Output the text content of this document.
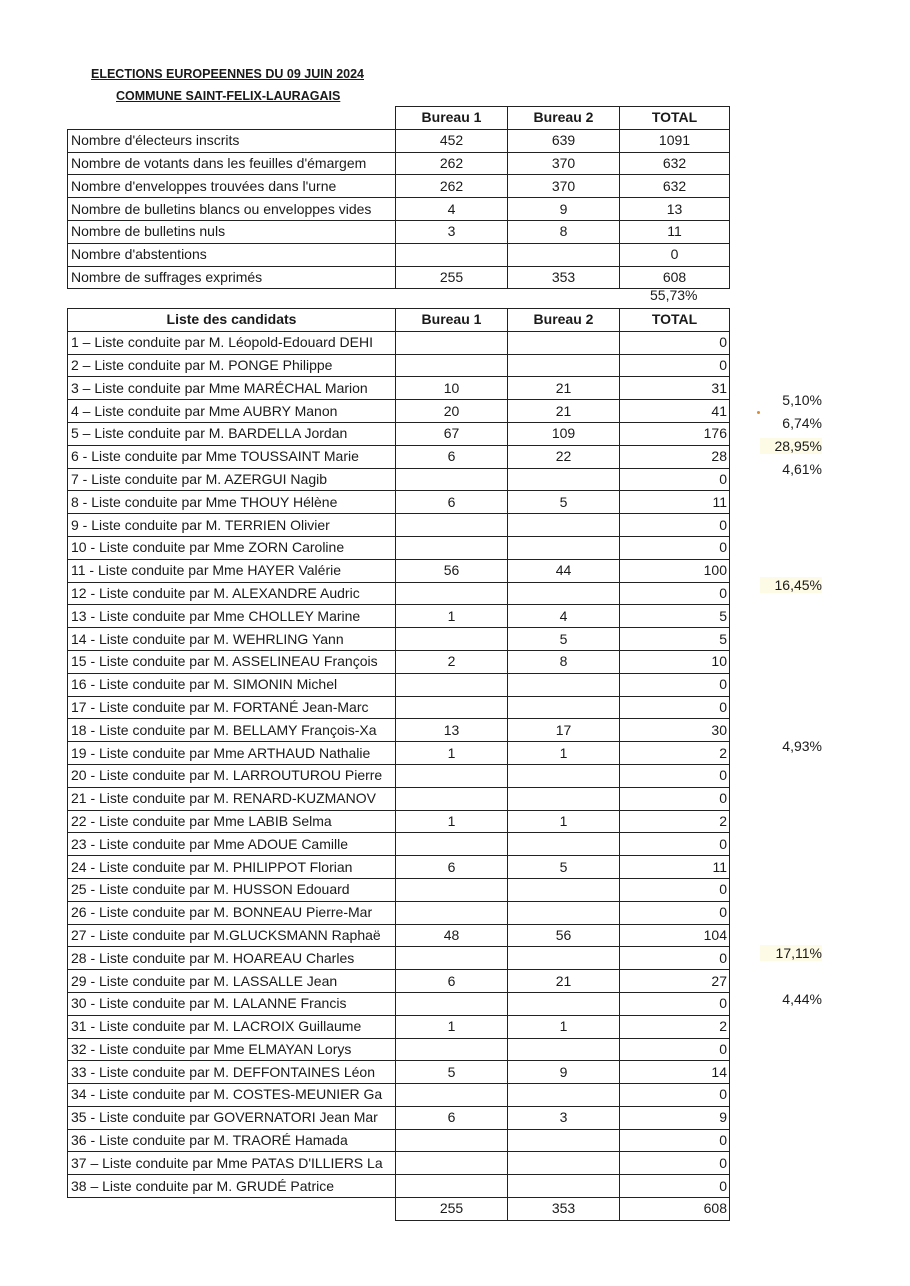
ELECTIONS EUROPEENNES DU 09 JUIN 2024
COMMUNE SAINT-FELIX-LAURAGAIS
	Bureau 1	Bureau 2	TOTAL
Nombre d'électeurs inscrits	452	639	1091
Nombre de votants dans les feuilles d'émargem	262	370	632
Nombre d'enveloppes trouvées dans l'urne	262	370	632
Nombre de bulletins blancs ou enveloppes vides	4	9	13
Nombre de bulletins nuls	3	8	11
Nombre d'abstentions			0
Nombre de suffrages exprimés	255	353	608
55,73%
Liste des candidats	Bureau 1	Bureau 2	TOTAL
1 – Liste conduite par M. Léopold-Edouard DEHI			0
2 – Liste conduite par M. PONGE Philippe			0
3 – Liste conduite par Mme MARÉCHAL Marion	10	21	31
4 – Liste conduite par Mme AUBRY Manon	20	21	41
5 – Liste conduite par M. BARDELLA Jordan	67	109	176
6 - Liste conduite par Mme TOUSSAINT Marie	6	22	28
7 - Liste conduite par M. AZERGUI Nagib			0
8 - Liste conduite par Mme THOUY Hélène	6	5	11
9 - Liste conduite par M. TERRIEN Olivier			0
10 - Liste conduite par Mme ZORN Caroline			0
11 - Liste conduite par Mme HAYER Valérie	56	44	100
12 - Liste conduite par M. ALEXANDRE Audric			0
13 - Liste conduite par Mme CHOLLEY Marine	1	4	5
14 - Liste conduite par M. WEHRLING Yann		5	5
15 - Liste conduite par M. ASSELINEAU François	2	8	10
16 - Liste conduite par M. SIMONIN Michel			0
17 - Liste conduite par M. FORTANÉ Jean-Marc			0
18 - Liste conduite par M. BELLAMY François-Xa	13	17	30
19 - Liste conduite par Mme ARTHAUD Nathalie	1	1	2
20 - Liste conduite par M. LARROUTUROU Pierre			0
21 - Liste conduite par M. RENARD-KUZMANOV			0
22 - Liste conduite par Mme LABIB Selma	1	1	2
23 - Liste conduite par Mme ADOUE Camille			0
24 - Liste conduite par M. PHILIPPOT Florian	6	5	11
25 - Liste conduite par M. HUSSON Edouard			0
26 - Liste conduite par M. BONNEAU Pierre-Mar			0
27 - Liste conduite par M.GLUCKSMANN Raphaë	48	56	104
28 - Liste conduite par M. HOAREAU Charles			0
29 - Liste conduite par M. LASSALLE Jean	6	21	27
30 - Liste conduite par M. LALANNE Francis			0
31 - Liste conduite par M. LACROIX Guillaume	1	1	2
32 - Liste conduite par Mme ELMAYAN Lorys			0
33 - Liste conduite par M. DEFFONTAINES Léon	5	9	14
34 - Liste conduite par M. COSTES-MEUNIER Ga			0
35 - Liste conduite par GOVERNATORI Jean Mar	6	3	9
36 - Liste conduite par M. TRAORÉ Hamada			0
37 – Liste conduite par Mme PATAS D'ILLIERS La			0
38 – Liste conduite par M. GRUDÉ Patrice			0
	255	353	608
5,10%
6,74%
28,95%
4,61%
16,45%
4,93%
17,11%
4,44%
